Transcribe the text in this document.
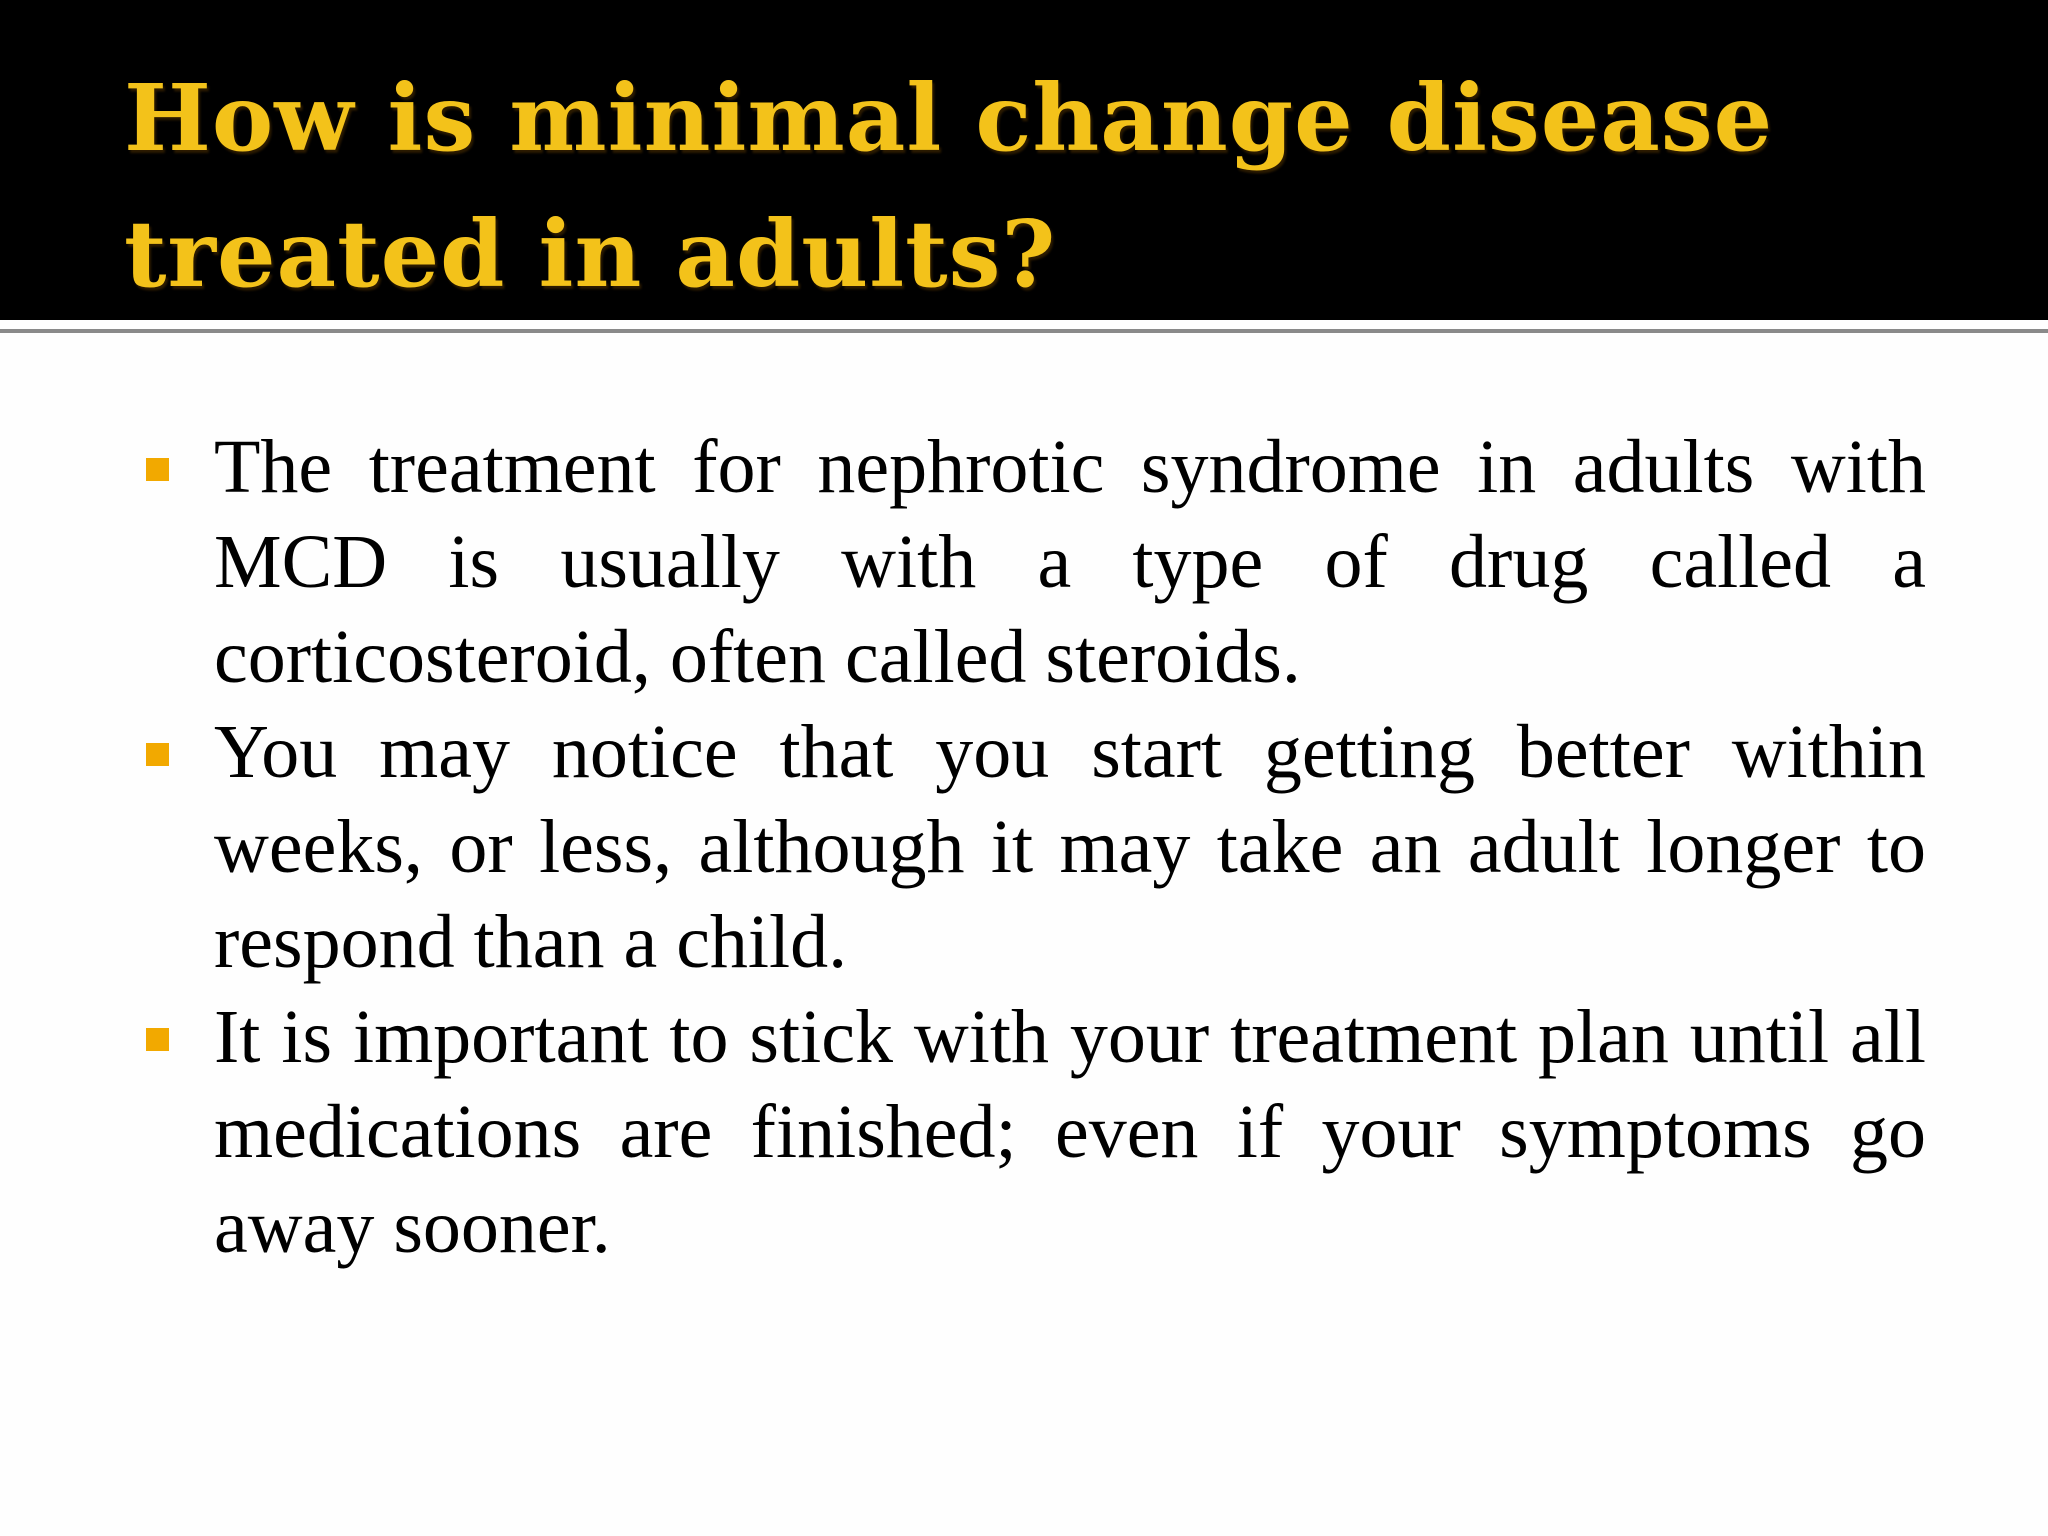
How is minimal change disease treated in adults?
The treatment for nephrotic syndrome in adults with MCD is usually with a type of drug called a corticosteroid, often called steroids.
You may notice that you start getting better within weeks, or less, although it may take an adult longer to respond than a child.
It is important to stick with your treatment plan until all medications are finished; even if your symptoms go away sooner.
